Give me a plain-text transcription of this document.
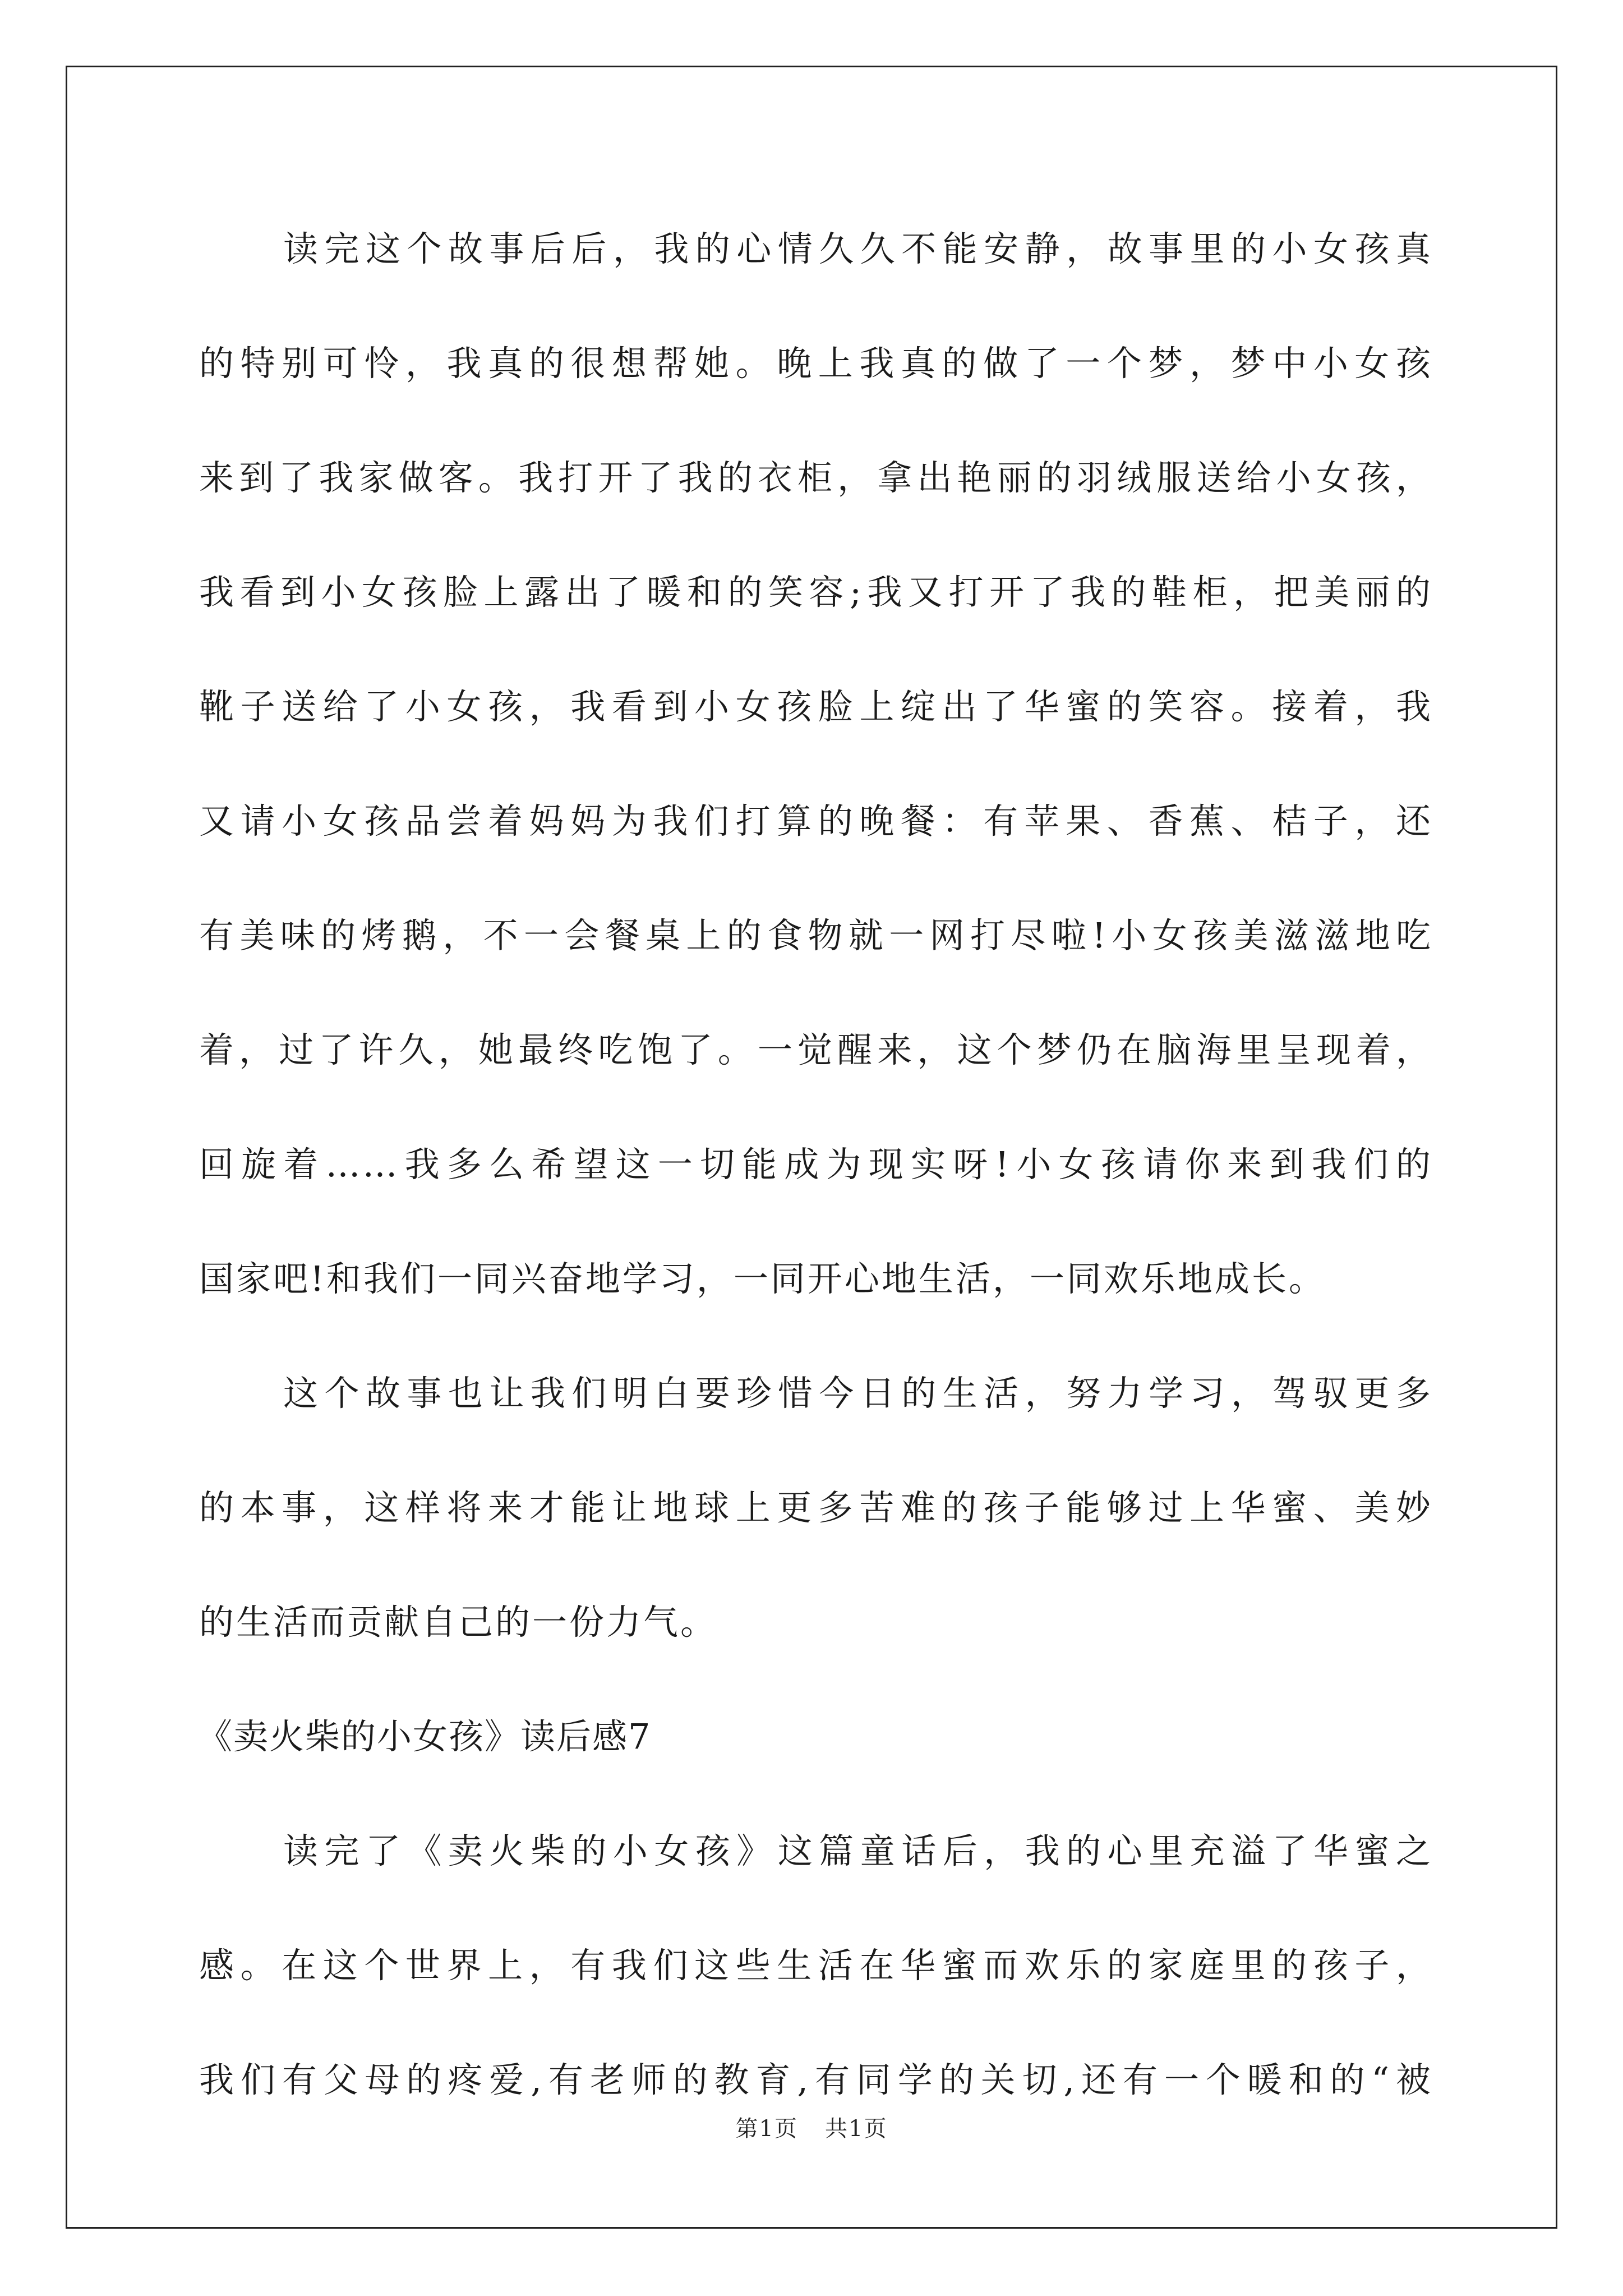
读完这个故事后后，我的心情久久不能安静，故事里的小女孩真
的特别可怜，我真的很想帮她。晚上我真的做了一个梦，梦中小女孩
来到了我家做客。我打开了我的衣柜，拿出艳丽的羽绒服送给小女孩，
我看到小女孩脸上露出了暖和的笑容;我又打开了我的鞋柜，把美丽的
靴子送给了小女孩，我看到小女孩脸上绽出了华蜜的笑容。接着，我
又请小女孩品尝着妈妈为我们打算的晚餐：有苹果、香蕉、桔子，还
有美味的烤鹅，不一会餐桌上的食物就一网打尽啦!小女孩美滋滋地吃
着，过了许久，她最终吃饱了。一觉醒来，这个梦仍在脑海里呈现着，
回旋着……我多么希望这一切能成为现实呀!小女孩请你来到我们的
国家吧!和我们一同兴奋地学习，一同开心地生活，一同欢乐地成长。
这个故事也让我们明白要珍惜今日的生活，努力学习，驾驭更多
的本事，这样将来才能让地球上更多苦难的孩子能够过上华蜜、美妙
的生活而贡献自己的一份力气。
《卖火柴的小女孩》读后感7
读完了《卖火柴的小女孩》这篇童话后，我的心里充溢了华蜜之
感。在这个世界上，有我们这些生活在华蜜而欢乐的家庭里的孩子，
我们有父母的疼爱,有老师的教育,有同学的关切,还有一个暖和的“被
第1页 共1页
